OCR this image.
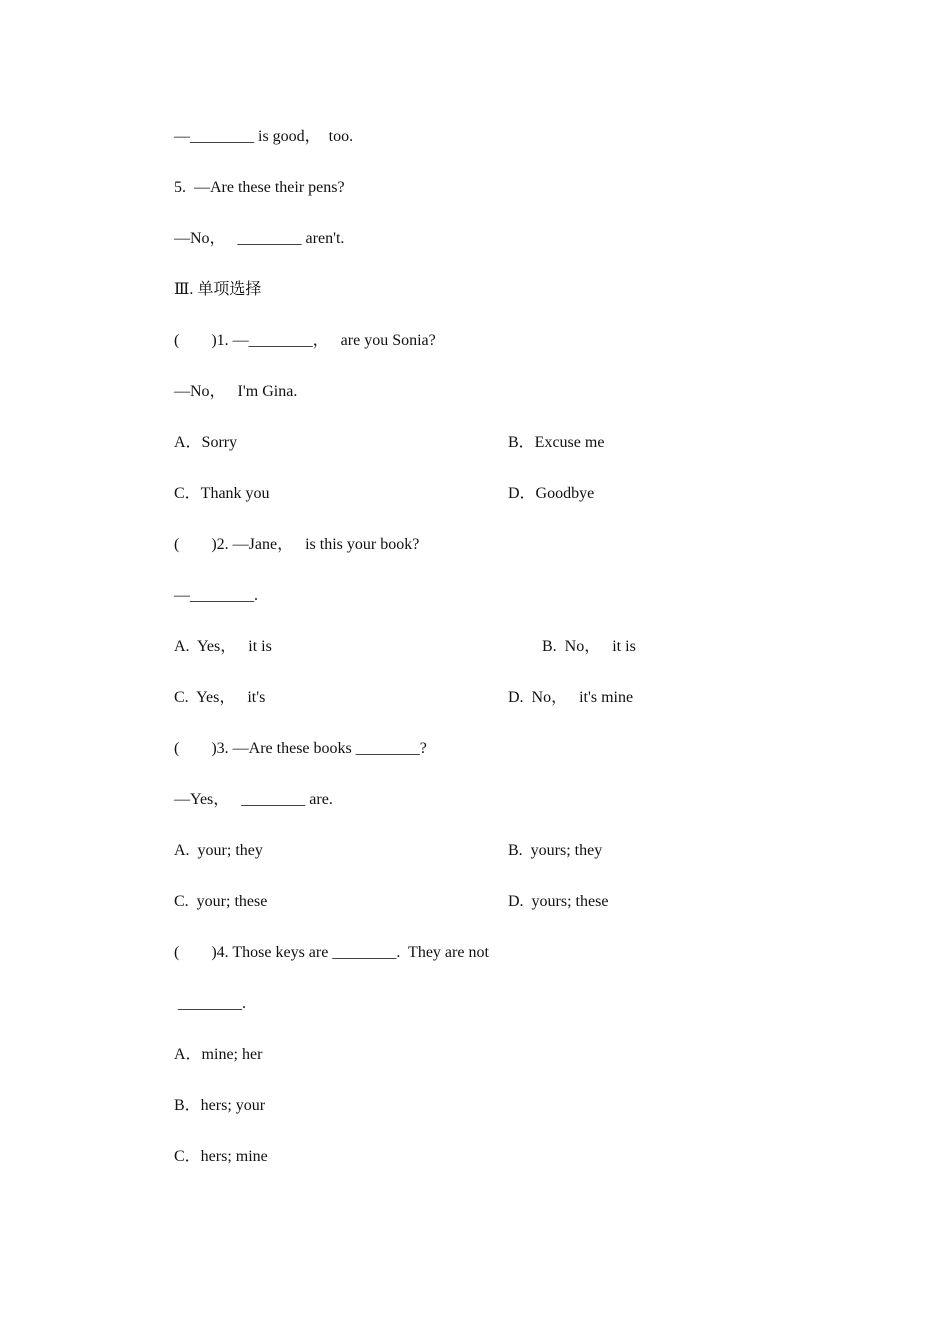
—________ is good，  too.
5.  —Are these their pens?
—No，   ________ aren't.
Ⅲ. 单项选择
(        )1. —________，   are you Sonia?
—No，   I'm Gina.
A．Sorry	B．Excuse me
C．Thank you	D．Goodbye
(        )2. —Jane，   is this your book?
—________.
A.  Yes，   it is	B.  No，   it is
C.  Yes，   it's	D.  No，   it's mine
(        )3. —Are these books ________?
—Yes，   ________ are.
A.  your; they	B.  yours; they
C.  your; these	D.  yours; these
(        )4. Those keys are ________.  They are not
________.
A．mine; her
B．hers; your
C．hers; mine
